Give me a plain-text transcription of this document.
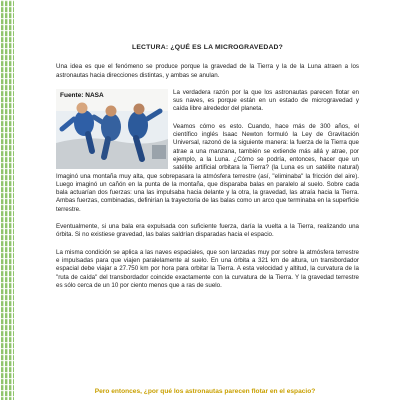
LECTURA: ¿QUÉ ES LA MICROGRAVEDAD?

Una idea es que el fenómeno se produce porque la gravedad de la Tierra y la de la Luna atraen a los astronautas hacia direcciones distintas, y ambas se anulan.

Fuente: NASA	La verdadera razón por la que los astronautas parecen flotar en sus naves, es porque están en un estado de microgravedad y caída libre alrededor del planeta.

Veamos cómo es esto. Cuando, hace más de 300 años, el científico inglés Isaac Newton formuló la Ley de Gravitación Universal, razonó de la siguiente manera: la fuerza de la Tierra que atrae a una manzana, también se extiende más allá y atrae, por ejemplo, a la Luna. ¿Cómo se podría, entonces, hacer que un satélite artificial orbitara la Tierra? (la Luna es un satélite natural) Imaginó una montaña muy alta, que sobrepasara la atmósfera terrestre (así, "eliminaba" la fricción del aire). Luego imaginó un cañón en la punta de la montaña, que disparaba balas en paralelo al suelo. Sobre cada bala actuarían dos fuerzas: una las impulsaba hacia delante y la otra, la gravedad, las atraía hacia la Tierra. Ambas fuerzas, combinadas, definirían la trayectoria de las balas como un arco que terminaba en la superficie terrestre.

Eventualmente, si una bala era expulsada con suficiente fuerza, daría la vuelta a la Tierra, realizando una órbita. Si no existiese gravedad, las balas saldrían disparadas hacia el espacio.

La misma condición se aplica a las naves espaciales, que son lanzadas muy por sobre la atmósfera terrestre e impulsadas para que viajen paralelamente al suelo. En una órbita a 321 km de altura, un transbordador espacial debe viajar a 27.750 km por hora para orbitar la Tierra. A esta velocidad y altitud, la curvatura de la "ruta de caída" del transbordador coincide exactamente con la curvatura de la Tierra. Y la gravedad terrestre es sólo cerca de un 10 por ciento menos que a ras de suelo.

Pero entonces, ¿por qué los astronautas parecen flotar en el espacio?
